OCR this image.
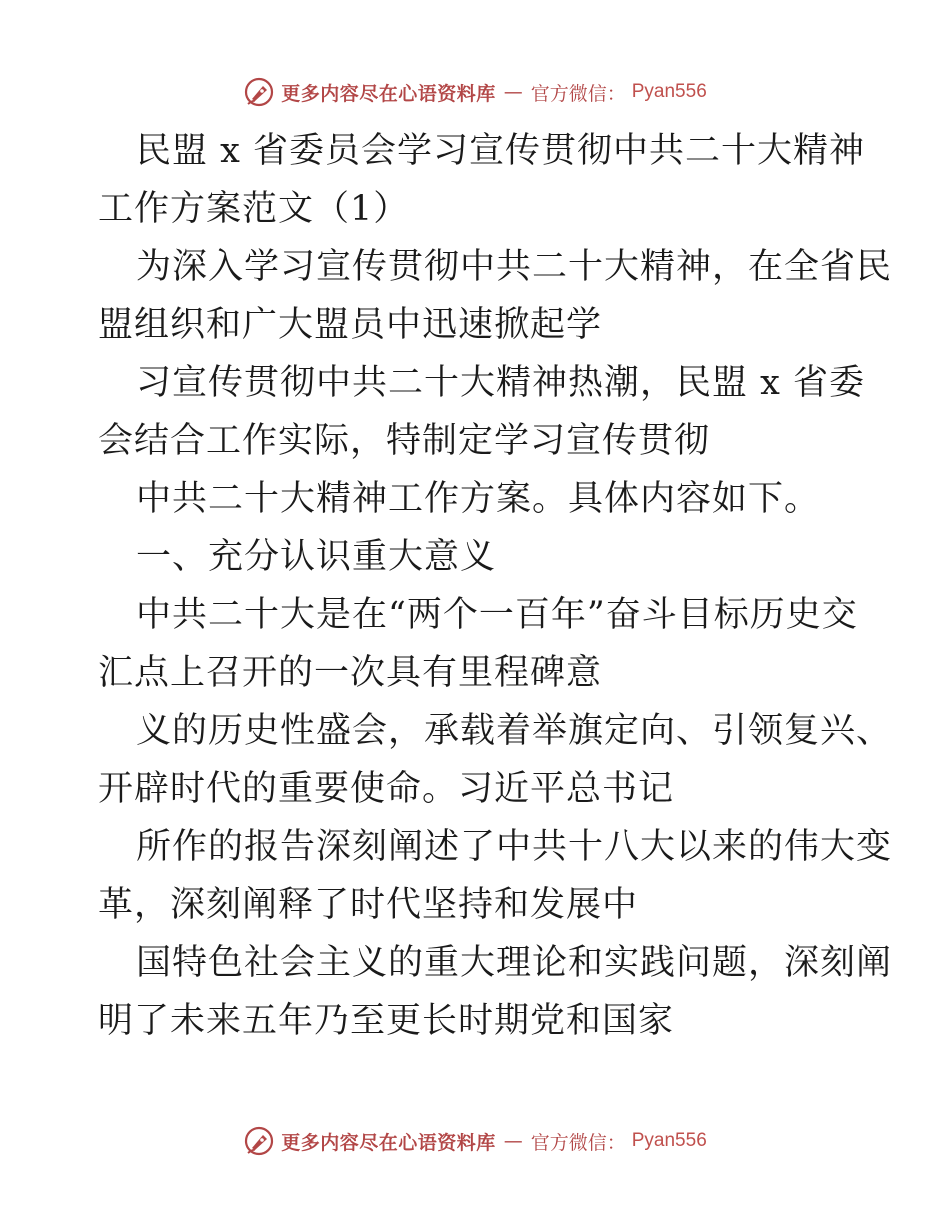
更多内容尽在心语资料库 — 官方微信： Pyan556
民盟 x 省委员会学习宣传贯彻中共二十大精神
工作方案范文（1）
为深入学习宣传贯彻中共二十大精神，在全省民
盟组织和广大盟员中迅速掀起学
习宣传贯彻中共二十大精神热潮，民盟 x 省委
会结合工作实际，特制定学习宣传贯彻
中共二十大精神工作方案。具体内容如下。
一、充分认识重大意义
中共二十大是在“两个一百年”奋斗目标历史交
汇点上召开的一次具有里程碑意
义的历史性盛会，承载着举旗定向、引领复兴、
开辟时代的重要使命。习近平总书记
所作的报告深刻阐述了中共十八大以来的伟大变
革，深刻阐释了时代坚持和发展中
国特色社会主义的重大理论和实践问题，深刻阐
明了未来五年乃至更长时期党和国家
更多内容尽在心语资料库 — 官方微信： Pyan556
